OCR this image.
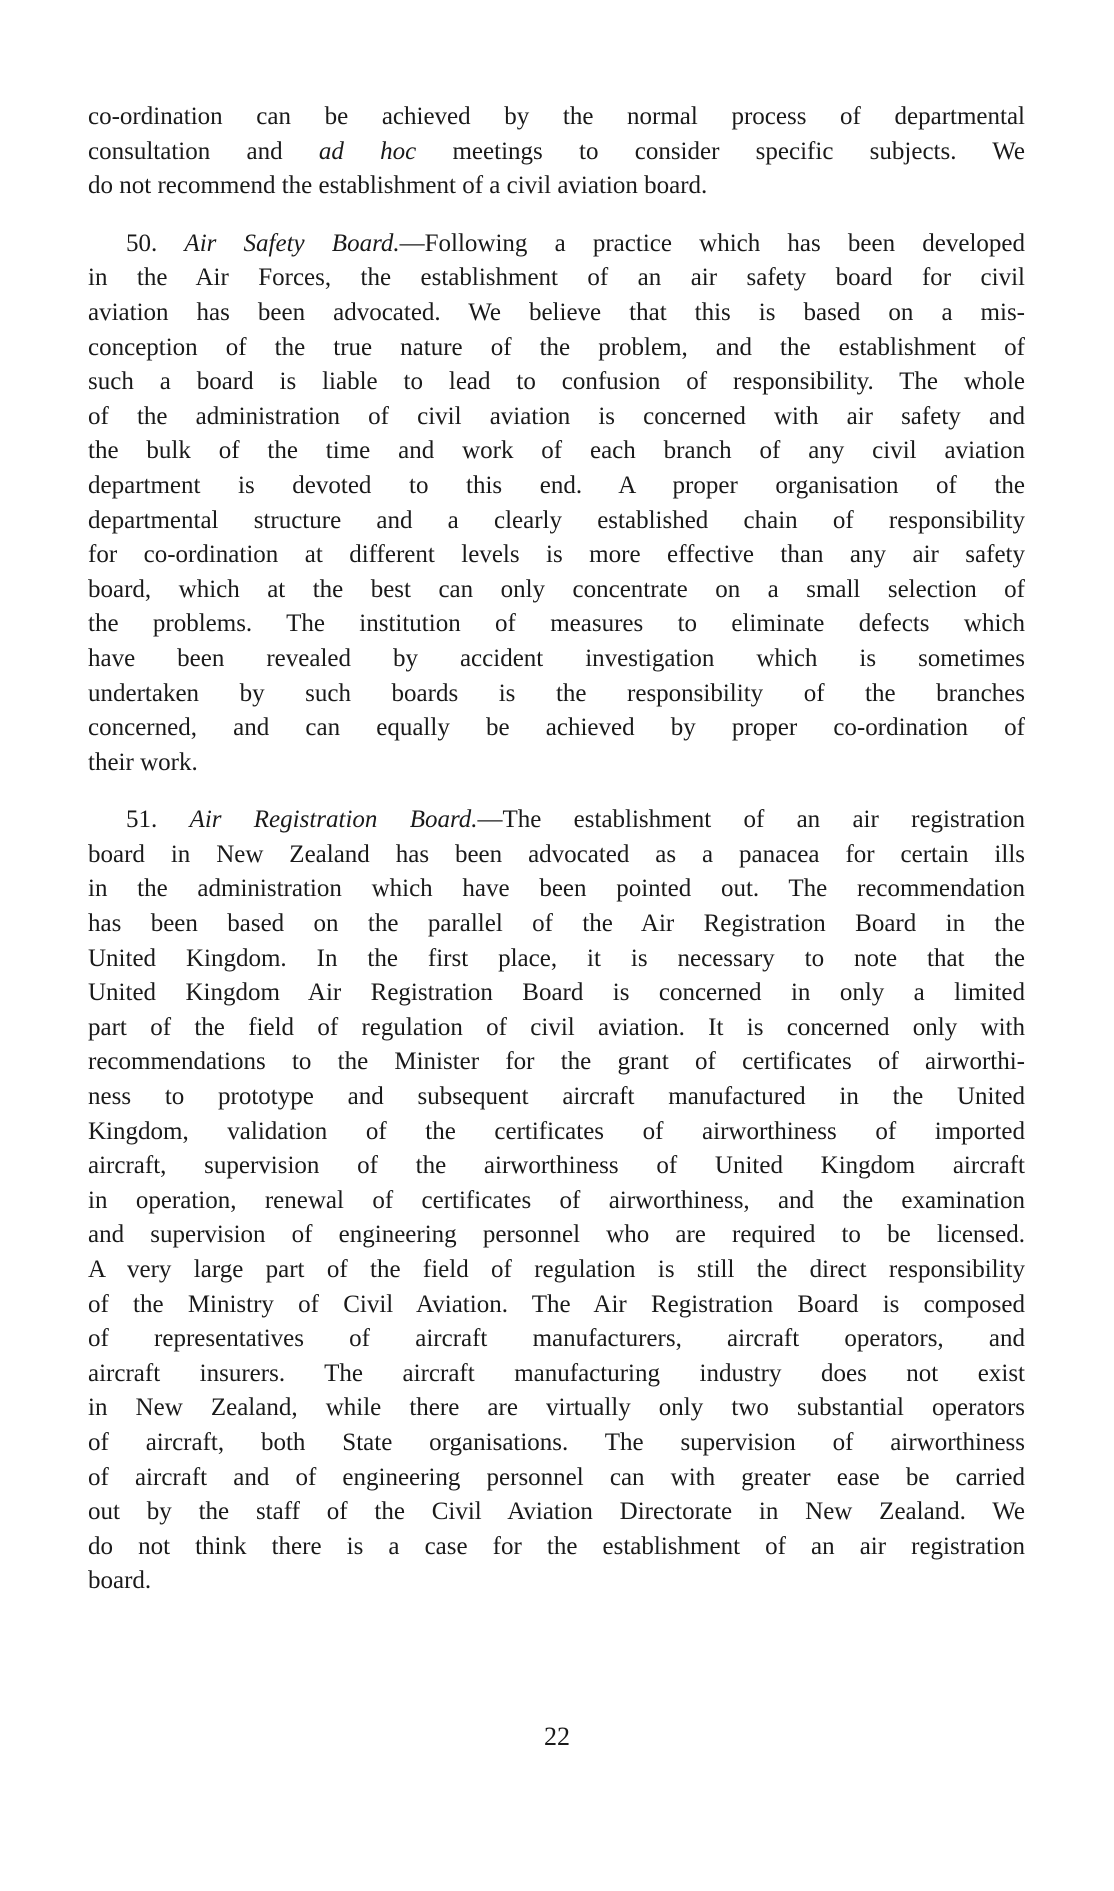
co-ordination can be achieved by the normal process of departmental
consultation and ad hoc meetings to consider specific subjects. We
do not recommend the establishment of a civil aviation board.
50. Air Safety Board.—Following a practice which has been developed
in the Air Forces, the establishment of an air safety board for civil
aviation has been advocated. We believe that this is based on a mis-
conception of the true nature of the problem, and the establishment of
such a board is liable to lead to confusion of responsibility. The whole
of the administration of civil aviation is concerned with air safety and
the bulk of the time and work of each branch of any civil aviation
department is devoted to this end. A proper organisation of the
departmental structure and a clearly established chain of responsibility
for co-ordination at different levels is more effective than any air safety
board, which at the best can only concentrate on a small selection of
the problems. The institution of measures to eliminate defects which
have been revealed by accident investigation which is sometimes
undertaken by such boards is the responsibility of the branches
concerned, and can equally be achieved by proper co-ordination of
their work.
51. Air Registration Board.—The establishment of an air registration
board in New Zealand has been advocated as a panacea for certain ills
in the administration which have been pointed out. The recommendation
has been based on the parallel of the Air Registration Board in the
United Kingdom. In the first place, it is necessary to note that the
United Kingdom Air Registration Board is concerned in only a limited
part of the field of regulation of civil aviation. It is concerned only with
recommendations to the Minister for the grant of certificates of airworthi-
ness to prototype and subsequent aircraft manufactured in the United
Kingdom, validation of the certificates of airworthiness of imported
aircraft, supervision of the airworthiness of United Kingdom aircraft
in operation, renewal of certificates of airworthiness, and the examination
and supervision of engineering personnel who are required to be licensed.
A very large part of the field of regulation is still the direct responsibility
of the Ministry of Civil Aviation. The Air Registration Board is composed
of representatives of aircraft manufacturers, aircraft operators, and
aircraft insurers. The aircraft manufacturing industry does not exist
in New Zealand, while there are virtually only two substantial operators
of aircraft, both State organisations. The supervision of airworthiness
of aircraft and of engineering personnel can with greater ease be carried
out by the staff of the Civil Aviation Directorate in New Zealand. We
do not think there is a case for the establishment of an air registration
board.
22
